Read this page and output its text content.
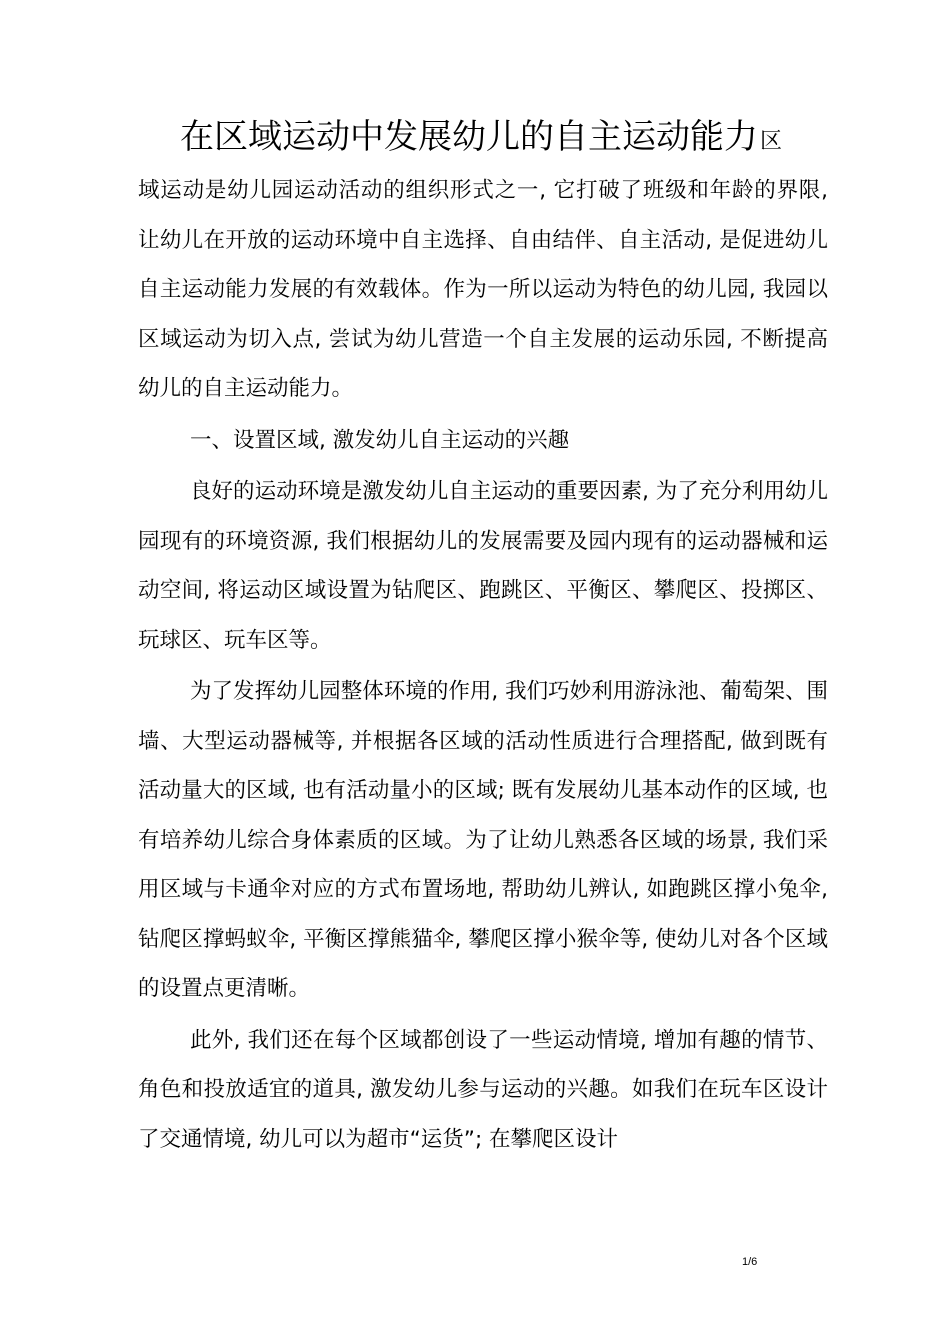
在区域运动中发展幼儿的自主运动能力区

域运动是幼儿园运动活动的组织形式之一, 它打破了班级和年龄的界限, 让幼儿在开放的运动环境中自主选择、自由结伴、自主活动, 是促进幼儿自主运动能力发展的有效载体。作为一所以运动为特色的幼儿园, 我园以区域运动为切入点, 尝试为幼儿营造一个自主发展的运动乐园, 不断提高幼儿的自主运动能力。

一、设置区域, 激发幼儿自主运动的兴趣

良好的运动环境是激发幼儿自主运动的重要因素, 为了充分利用幼儿园现有的环境资源, 我们根据幼儿的发展需要及园内现有的运动器械和运动空间, 将运动区域设置为钻爬区、跑跳区、平衡区、攀爬区、投掷区、玩球区、玩车区等。

为了发挥幼儿园整体环境的作用, 我们巧妙利用游泳池、葡萄架、围墙、大型运动器械等, 并根据各区域的活动性质进行合理搭配, 做到既有活动量大的区域, 也有活动量小的区域; 既有发展幼儿基本动作的区域, 也有培养幼儿综合身体素质的区域。为了让幼儿熟悉各区域的场景, 我们采用区域与卡通伞对应的方式布置场地, 帮助幼儿辨认, 如跑跳区撑小兔伞, 钻爬区撑蚂蚁伞, 平衡区撑熊猫伞, 攀爬区撑小猴伞等, 使幼儿对各个区域的设置点更清晰。

此外, 我们还在每个区域都创设了一些运动情境, 增加有趣的情节、角色和投放适宜的道具, 激发幼儿参与运动的兴趣。如我们在玩车区设计了交通情境, 幼儿可以为超市“运货”; 在攀爬区设计

1/6
